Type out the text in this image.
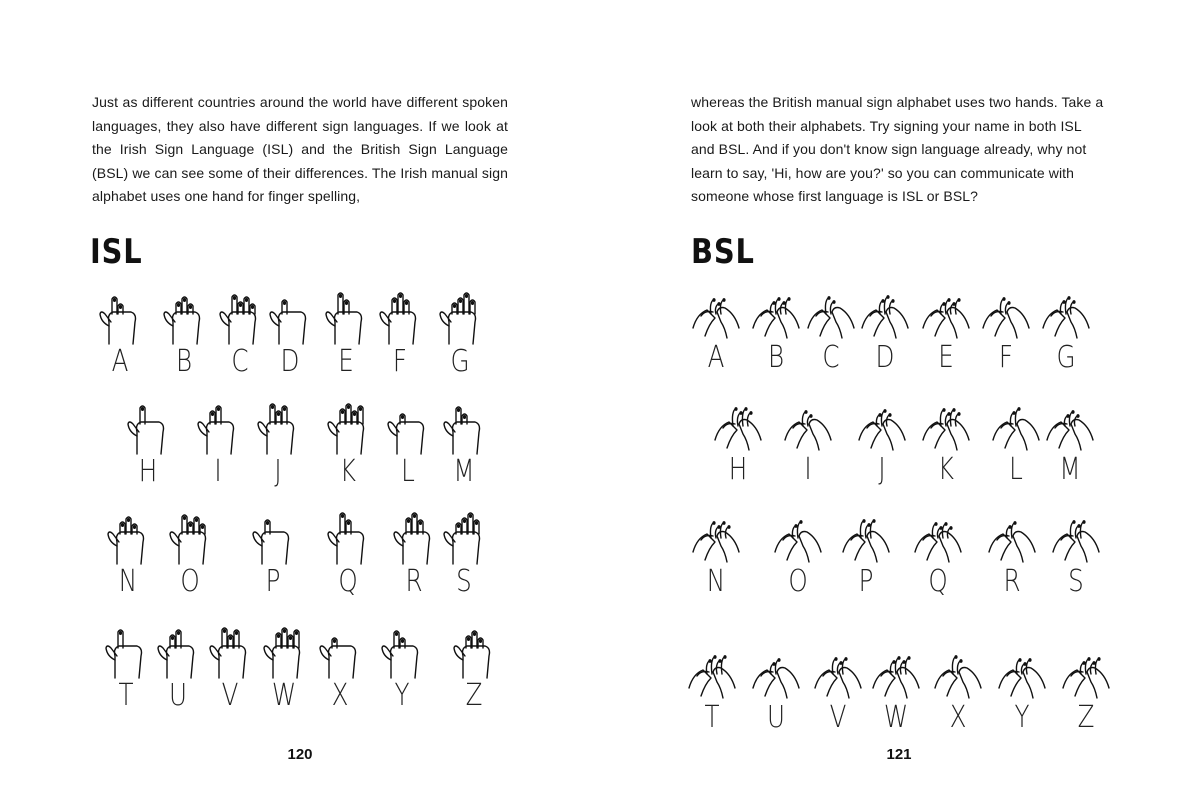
Just as different countries around the world have different spoken languages, they also have different sign languages. If we look at the Irish Sign Language (ISL) and the British Sign Language (BSL) we can see some of their differences. The Irish manual sign alphabet uses one hand for finger spelling,

ISL
A	B	C	D	E	F	G
H	I	J	K	L	M
N	O	P	Q	R	S
T	U	V	W	X	Y	Z
120

whereas the British manual sign alphabet uses two hands. Take a look at both their alphabets. Try signing your name in both ISL and BSL. And if you don't know sign language already, why not learn to say, 'Hi, how are you?' so you can communicate with someone whose first language is ISL or BSL?

BSL
A	B	C	D	E	F	G
H	I	J	K	L	M
N	O	P	Q	R	S
T	U	V	W	X	Y	Z
121
